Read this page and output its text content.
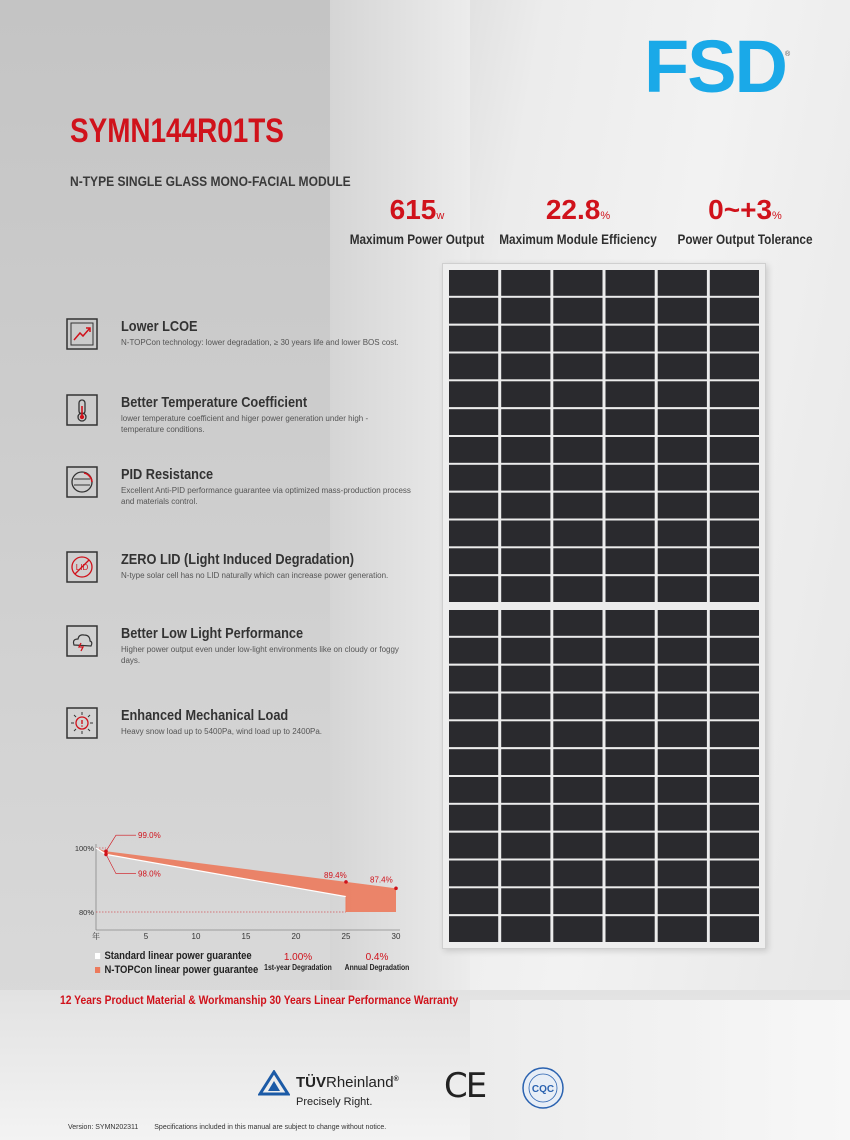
FSD ®
SYMN144R01TS
N-TYPE SINGLE GLASS MONO-FACIAL MODULE
615w
Maximum Power Output
22.8%
Maximum Module Efficiency
0~+3%
Power Output Tolerance
Lower LCOE
N-TOPCon technology: lower degradation, ≥ 30 years life and lower BOS cost.
Better Temperature Coefficient
lower temperature coefficient and higer power generation under high -temperature conditions.
PID Resistance
Excellent Anti-PID performance guarantee via optimized mass-production process and materials control.
LID ZERO LID (Light Induced Degradation)
N-type solar cell has no LID naturally which can increase power generation.
Better Low Light Performance
Higher power output even under low-light environments like on cloudy or foggy days.
Enhanced Mechanical Load
Heavy snow load up to 5400Pa, wind load up to 2400Pa.
99.0%
98.0%	89.4%	87.4%
100%
80%
年	5	10	15	20	25	30
Standard linear power guarantee
N-TOPCon linear power guarantee
1.00%
1st-year Degradation
0.4%
Annual Degradation
12 Years Product Material & Workmanship 30 Years Linear Performance Warranty
TÜVRheinland®
Precisely Right. CE	CQC
Version: SYMN202311 Specifications included in this manual are subject to change without notice.
